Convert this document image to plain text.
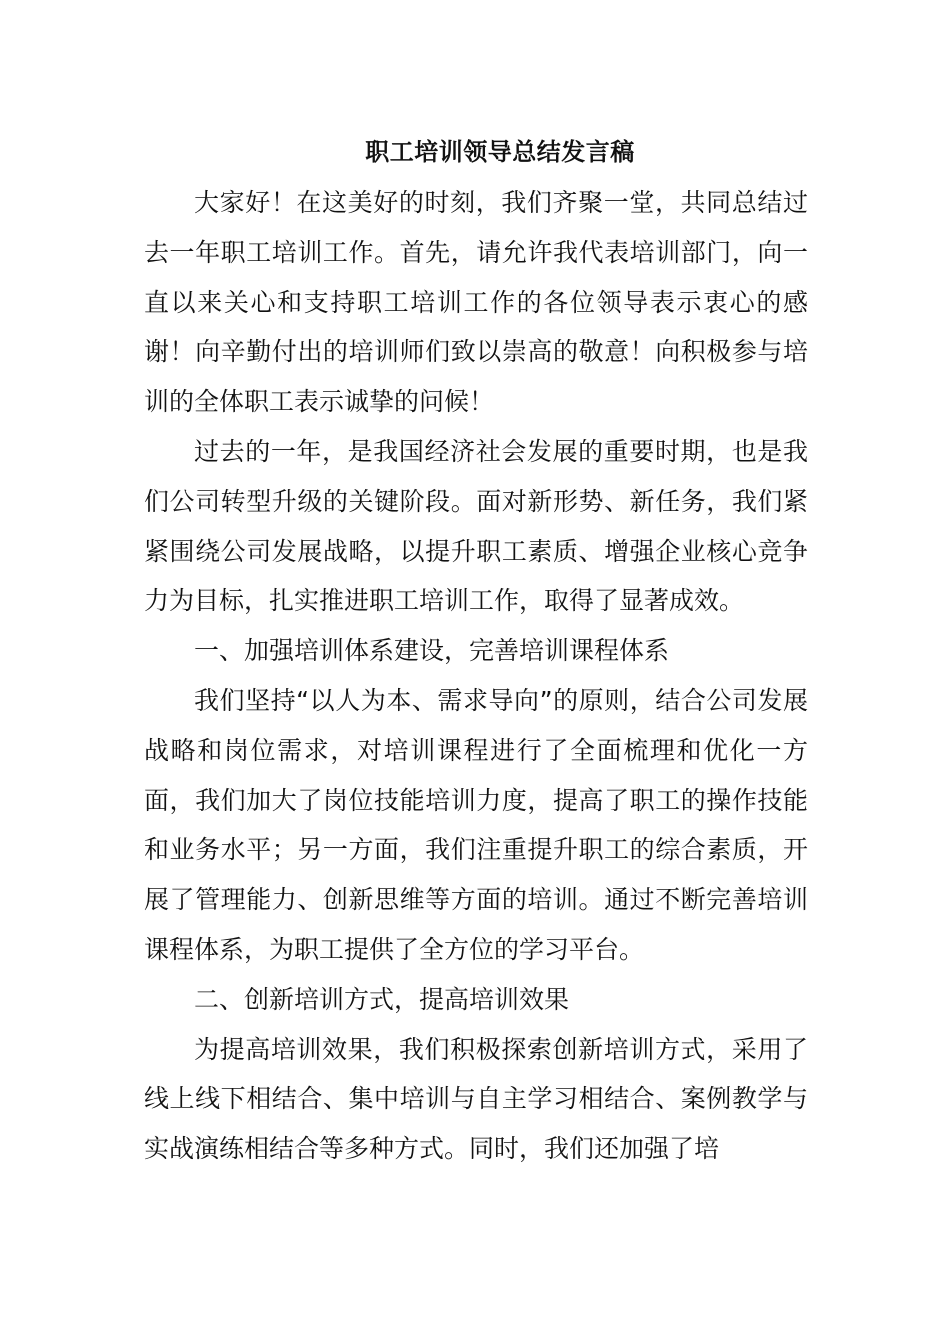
职工培训领导总结发言稿

大家好！在这美好的时刻，我们齐聚一堂，共同总结过去一年职工培训工作。首先，请允许我代表培训部门，向一直以来关心和支持职工培训工作的各位领导表示衷心的感谢！向辛勤付出的培训师们致以崇高的敬意！向积极参与培训的全体职工表示诚挚的问候！

过去的一年，是我国经济社会发展的重要时期，也是我们公司转型升级的关键阶段。面对新形势、新任务，我们紧紧围绕公司发展战略，以提升职工素质、增强企业核心竞争力为目标，扎实推进职工培训工作，取得了显著成效。

一、加强培训体系建设，完善培训课程体系

我们坚持“以人为本、需求导向”的原则，结合公司发展战略和岗位需求，对培训课程进行了全面梳理和优化一方面，我们加大了岗位技能培训力度，提高了职工的操作技能和业务水平；另一方面，我们注重提升职工的综合素质，开展了管理能力、创新思维等方面的培训。通过不断完善培训课程体系，为职工提供了全方位的学习平台。

二、创新培训方式，提高培训效果

为提高培训效果，我们积极探索创新培训方式，采用了线上线下相结合、集中培训与自主学习相结合、案例教学与实战演练相结合等多种方式。同时，我们还加强了培
